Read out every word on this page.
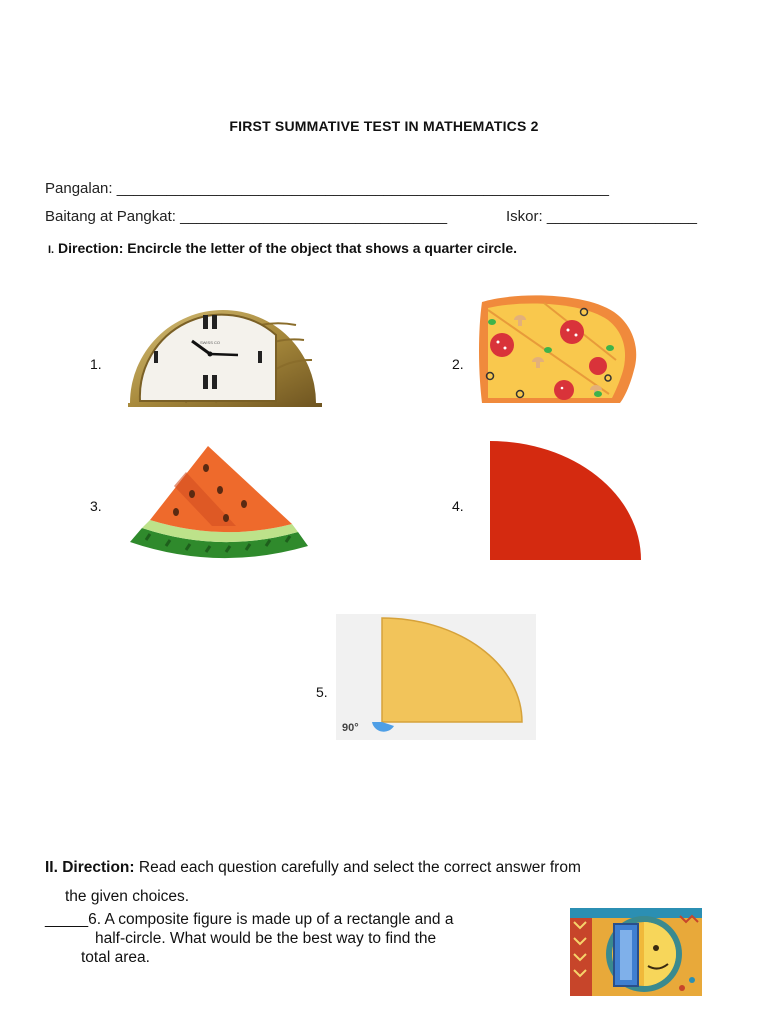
FIRST SUMMATIVE TEST IN MATHEMATICS 2
Pangalan: ___________________________________________________________
Baitang at Pangkat: ________________________________	Iskor: __________________
I. Direction: Encircle the letter of the object that shows a quarter circle.
1.	2.
3.	4.
5.
SWISS CO
90°
II. Direction: Read each question carefully and select the correct answer from
the given choices.
_____6. A composite figure is made up of a rectangle and a
half-circle. What would be the best way to find the
total area.
